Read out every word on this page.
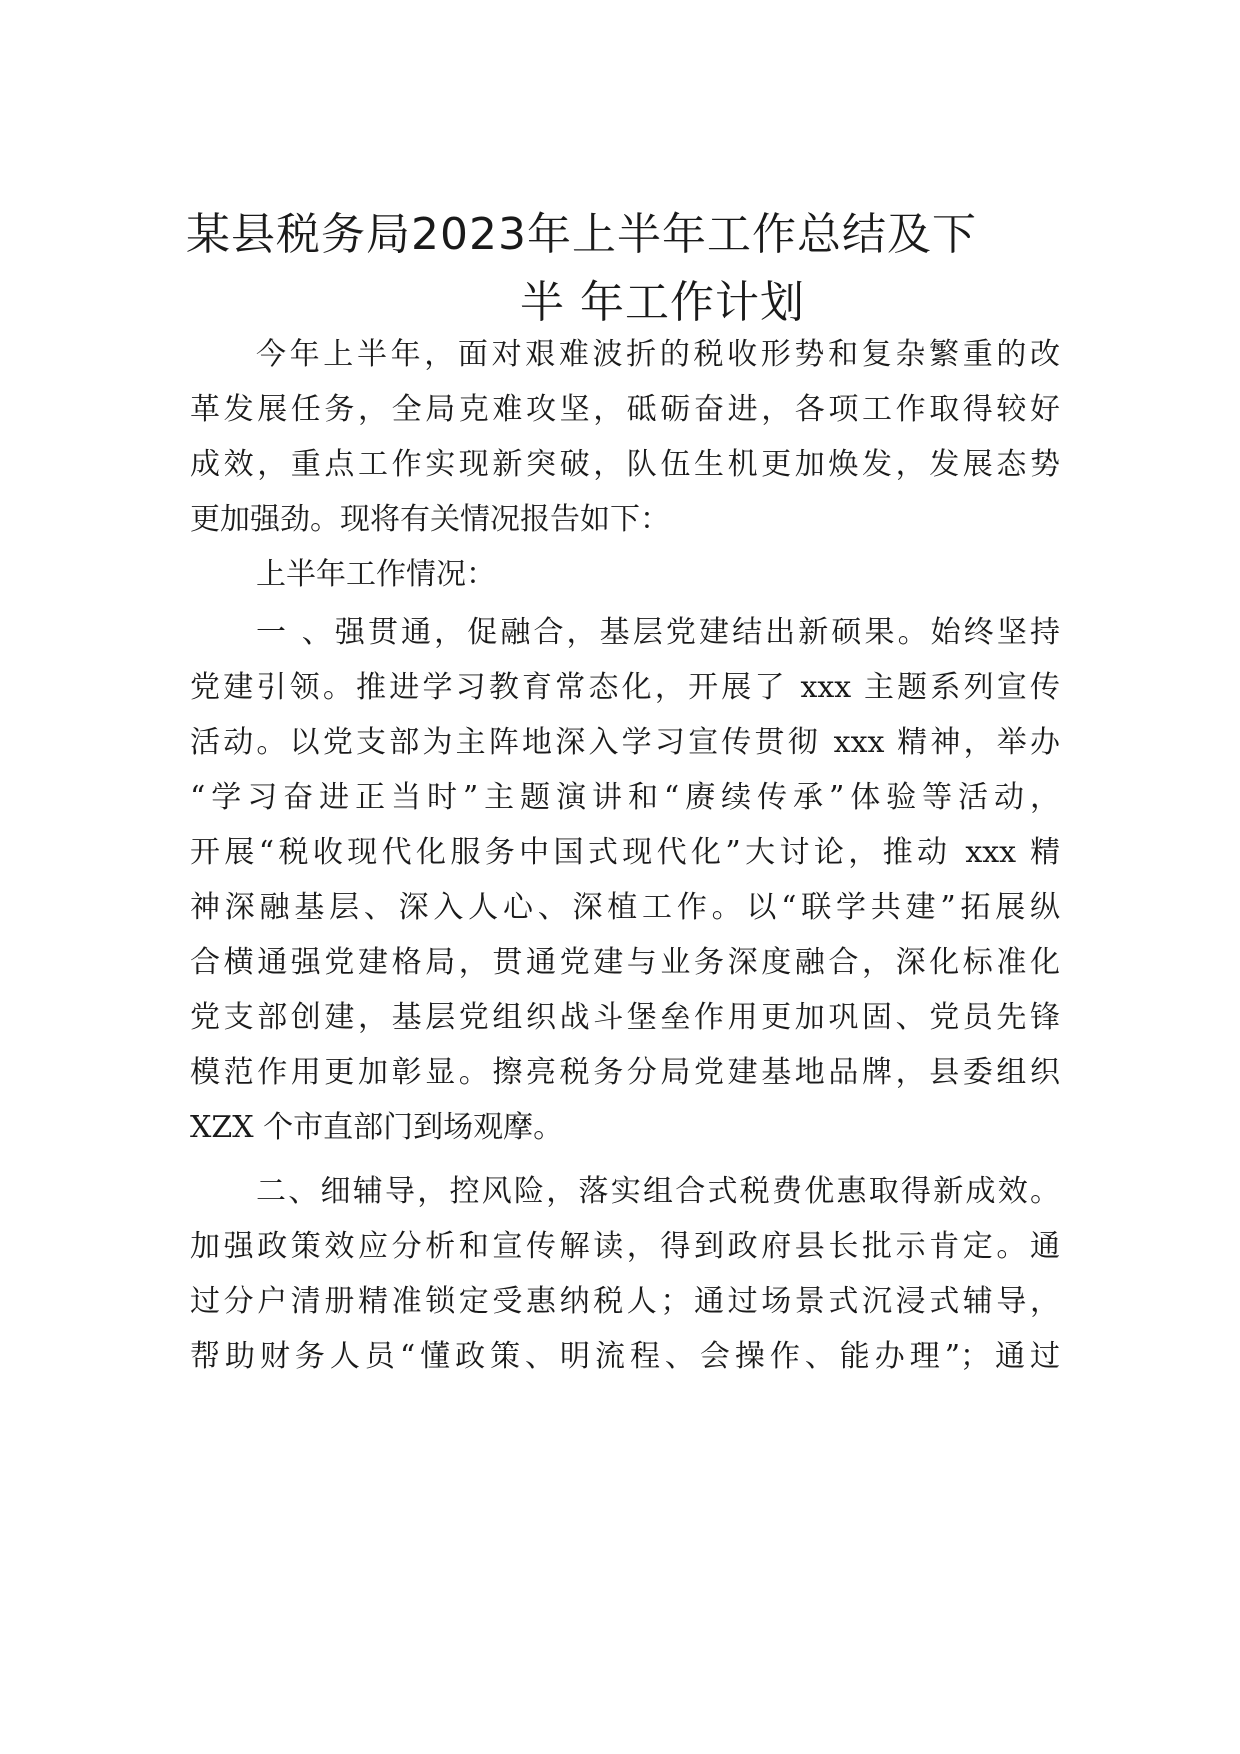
某县税务局2023年上半年工作总结及下
半 年工作计划
今年上半年，面对艰难波折的税收形势和复杂繁重的改
革发展任务，全局克难攻坚，砥砺奋进，各项工作取得较好
成效，重点工作实现新突破，队伍生机更加焕发，发展态势
更加强劲。现将有关情况报告如下：
上半年工作情况：
一 、强贯通，促融合，基层党建结出新硕果。始终坚持
党建引领。推进学习教育常态化，开展了 xxx 主题系列宣传
活动。以党支部为主阵地深入学习宣传贯彻 xxx 精神，举办
“学习奋进正当时”主题演讲和“赓续传承”体验等活动，
开展“税收现代化服务中国式现代化”大讨论，推动 xxx 精
神深融基层、深入人心、深植工作。以“联学共建”拓展纵
合横通强党建格局，贯通党建与业务深度融合，深化标准化
党支部创建，基层党组织战斗堡垒作用更加巩固、党员先锋
模范作用更加彰显。擦亮税务分局党建基地品牌，县委组织
XZX 个市直部门到场观摩。
二、细辅导，控风险，落实组合式税费优惠取得新成效。
加强政策效应分析和宣传解读，得到政府县长批示肯定。通
过分户清册精准锁定受惠纳税人；通过场景式沉浸式辅导，
帮助财务人员“懂政策、明流程、会操作、能办理”；通过
